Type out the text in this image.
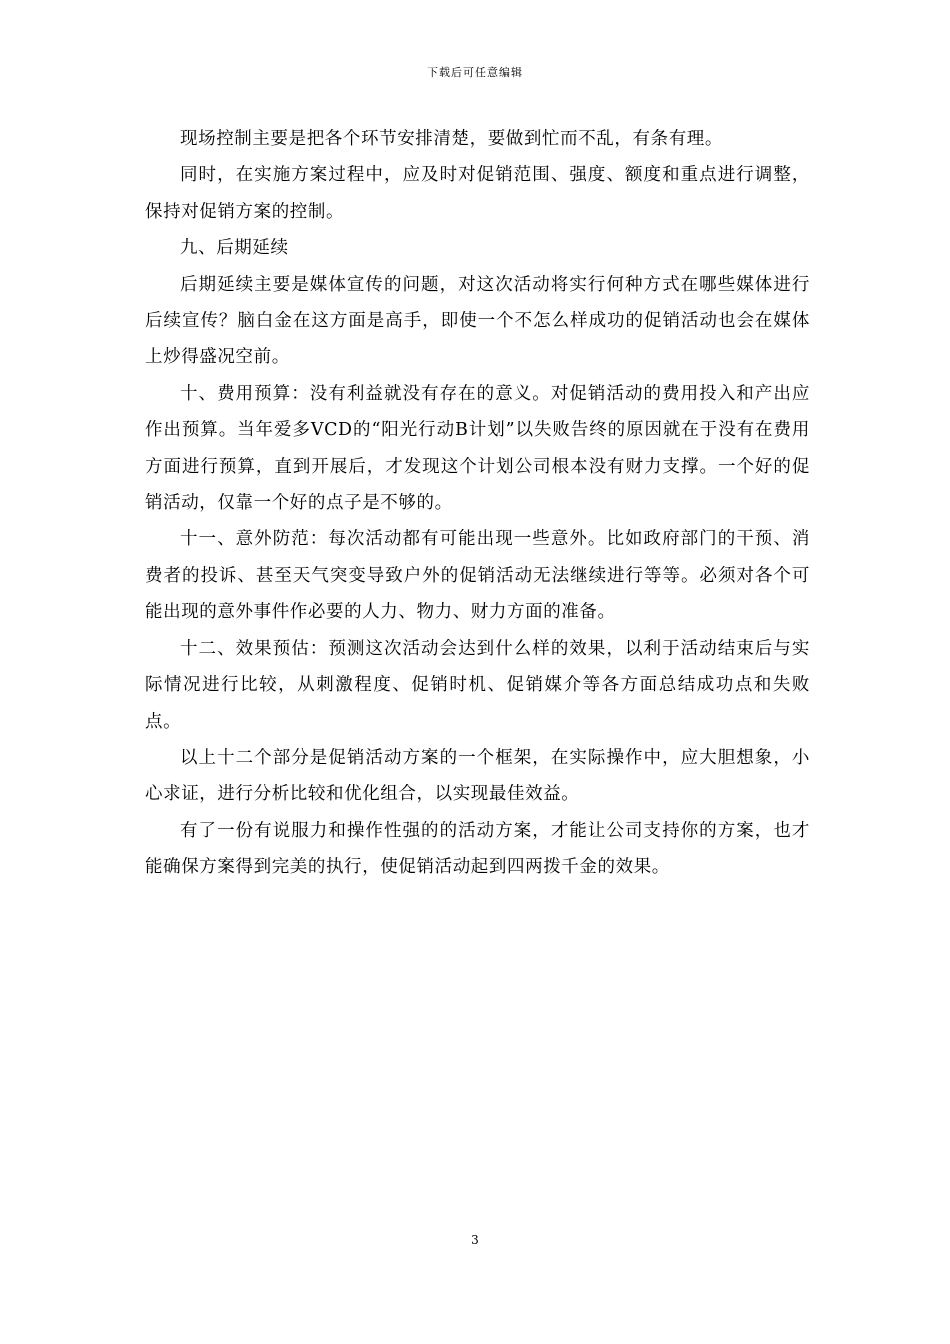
下载后可任意编辑

现场控制主要是把各个环节安排清楚，要做到忙而不乱，有条有理。

同时，在实施方案过程中，应及时对促销范围、强度、额度和重点进行调整，保持对促销方案的控制。

九、后期延续

后期延续主要是媒体宣传的问题，对这次活动将实行何种方式在哪些媒体进行后续宣传？脑白金在这方面是高手，即使一个不怎么样成功的促销活动也会在媒体上炒得盛况空前。

十、费用预算：没有利益就没有存在的意义。对促销活动的费用投入和产出应作出预算。当年爱多VCD的“阳光行动B计划”以失败告终的原因就在于没有在费用方面进行预算，直到开展后，才发现这个计划公司根本没有财力支撑。一个好的促销活动，仅靠一个好的点子是不够的。

十一、意外防范：每次活动都有可能出现一些意外。比如政府部门的干预、消费者的投诉、甚至天气突变导致户外的促销活动无法继续进行等等。必须对各个可能出现的意外事件作必要的人力、物力、财力方面的准备。

十二、效果预估：预测这次活动会达到什么样的效果，以利于活动结束后与实际情况进行比较，从刺激程度、促销时机、促销媒介等各方面总结成功点和失败点。

以上十二个部分是促销活动方案的一个框架，在实际操作中，应大胆想象，小心求证，进行分析比较和优化组合，以实现最佳效益。

有了一份有说服力和操作性强的的活动方案，才能让公司支持你的方案，也才能确保方案得到完美的执行，使促销活动起到四两拨千金的效果。

3
